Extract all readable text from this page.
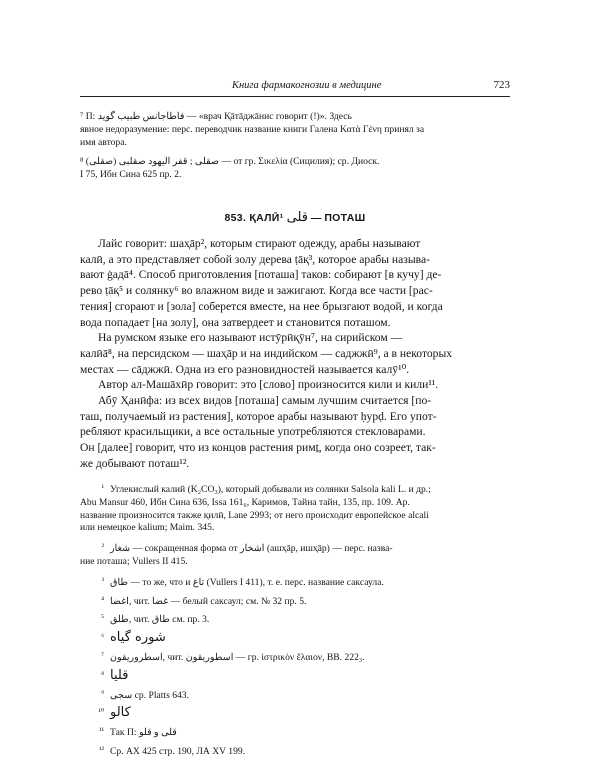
Книга фармакогнозии в медицине	723
⁷ П: فاطاجانس طبيب گويد — «врач Қāтāджāнис говорит (!)». Здесь
явное недоразумение: перс. переводчик название книги Галена Κατὰ Γένη принял за
имя автора.
⁸ (صقلى) صقلى ; قفر اليهود صقلبى — от гр. Σικελία (Сицилия); ср. Диоск.
I 75, Ибн Сина 625 пр. 2.
853. ҚАЛӢ¹ قلى — ПОТАШ
Лайс говорит: шаҳāр², которым стирают одежду, арабы называют
калӣ, а это представляет собой золу дерева ṭāқ³, которое арабы называ-
вают ġадā⁴. Способ приготовления [поташа] таков: собирают [в кучу] де-
рево ṭāқ⁵ и солянку⁶ во влажном виде и зажигают. Когда все части [рас-
тения] сгорают и [зола] соберется вместе, на нее брызгают водой, и когда
вода попадает [на золу], она затвердеет и становится поташом.
На румском языке его называют истӯрӣқӯн⁷, на сирийском —
калӣā⁸, на персидском — шаҳāр и на индийском — саджжӣ⁹, а в некоторых
местах — сāджжӣ. Одна из его разновидностей называется калӯ¹⁰.
Автор ал-Машāхӣр говорит: это [слово] произносится кили и кили¹¹.
Абӯ Ҳанӣфа: из всех видов [поташа] самым лучшим считается [по-
таш, получаемый из растения], которое арабы называют ḥурḍ. Его упот-
ребляют красильщики, а все остальные употребляются стекловарами.
Он [далее] говорит, что из концов растения римṯ, когда оно созреет, так-
же добывают поташ¹².
¹ Углекислый калий (K₂CO₃), который добывали из солянки Salsola kali L. и др.;
Abu Mansur 460, Ибн Сина 636, Issa 161₆, Каримов, Тайна тайн, 135, пр. 109. Ар.
название произносится также қилӣ, Lane 2993; от него происходит европейское alcali
или немецкое kalium; Maim. 345.
² شغار — сокращенная форма от اشخار (ашҳāр, ишҳāр) — перс. назва-
ние поташа; Vullers II 415.
³ طاق — то же, что и تاغ (Vullers I 411), т. е. перс. название саксаула.
⁴ اغضا, чит. غضا — белый саксаул; см. № 32 пр. 5.
⁵ طلق, чит. طاق см. пр. 3.
⁶ شوره گياه
⁷ اسطروريقون, чит. اسطوريقون — гр. ἰστρικὸν ἔλαιον, BB. 222₃.
⁸ قليا
⁹ سجى ср. Platts 643.
¹⁰ كالو
¹¹ Так П: قلى و قلو
¹² Ср. АХ 425 стр. 190, ЛА XV 199.
